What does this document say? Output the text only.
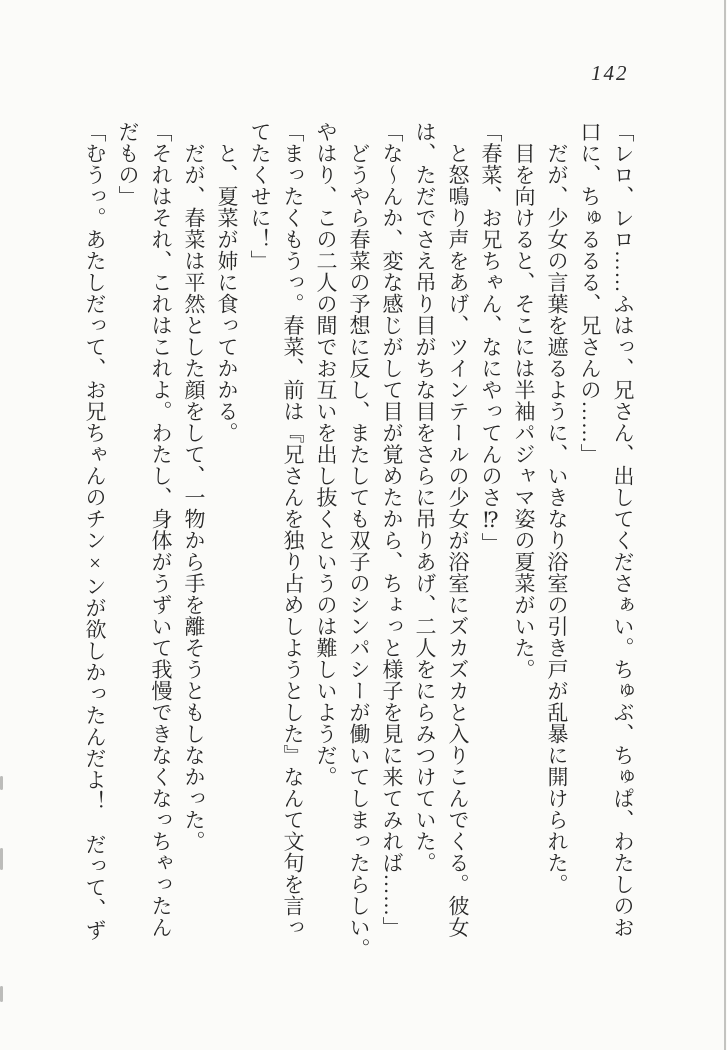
142

「レロ、レロ……ふはっ、兄さん、出してくださぁい。ちゅぶ、ちゅぱ、わたしのお

口に、ちゅるるる、兄さんの……」

　だが、少女の言葉を遮るように、いきなり浴室の引き戸が乱暴に開けられた。

　目を向けると、そこには半袖パジャマ姿の夏菜がいた。

「春菜、お兄ちゃん、なにやってんのさ⁉」

　と怒鳴り声をあげ、ツインテールの少女が浴室にズカズカと入りこんでくる。彼女

は、ただでさえ吊り目がちな目をさらに吊りあげ、二人をにらみつけていた。

「な〜んか、変な感じがして目が覚めたから、ちょっと様子を見に来てみれば……」

　どうやら春菜の予想に反し、またしても双子のシンパシーが働いてしまったらしい。

やはり、この二人の間でお互いを出し抜くというのは難しいようだ。

「まったくもうっ。春菜、前は『兄さんを独り占めしようとした』なんて文句を言っ

てたくせに！」

　と、夏菜が姉に食ってかかる。

　だが、春菜は平然とした顔をして、一物から手を離そうともしなかった。

「それはそれ、これはこれよ。わたし、身体がうずいて我慢できなくなっちゃったん

だもの」

「むうっ。あたしだって、お兄ちゃんのチン×ンが欲しかったんだよ！　だって、ず
